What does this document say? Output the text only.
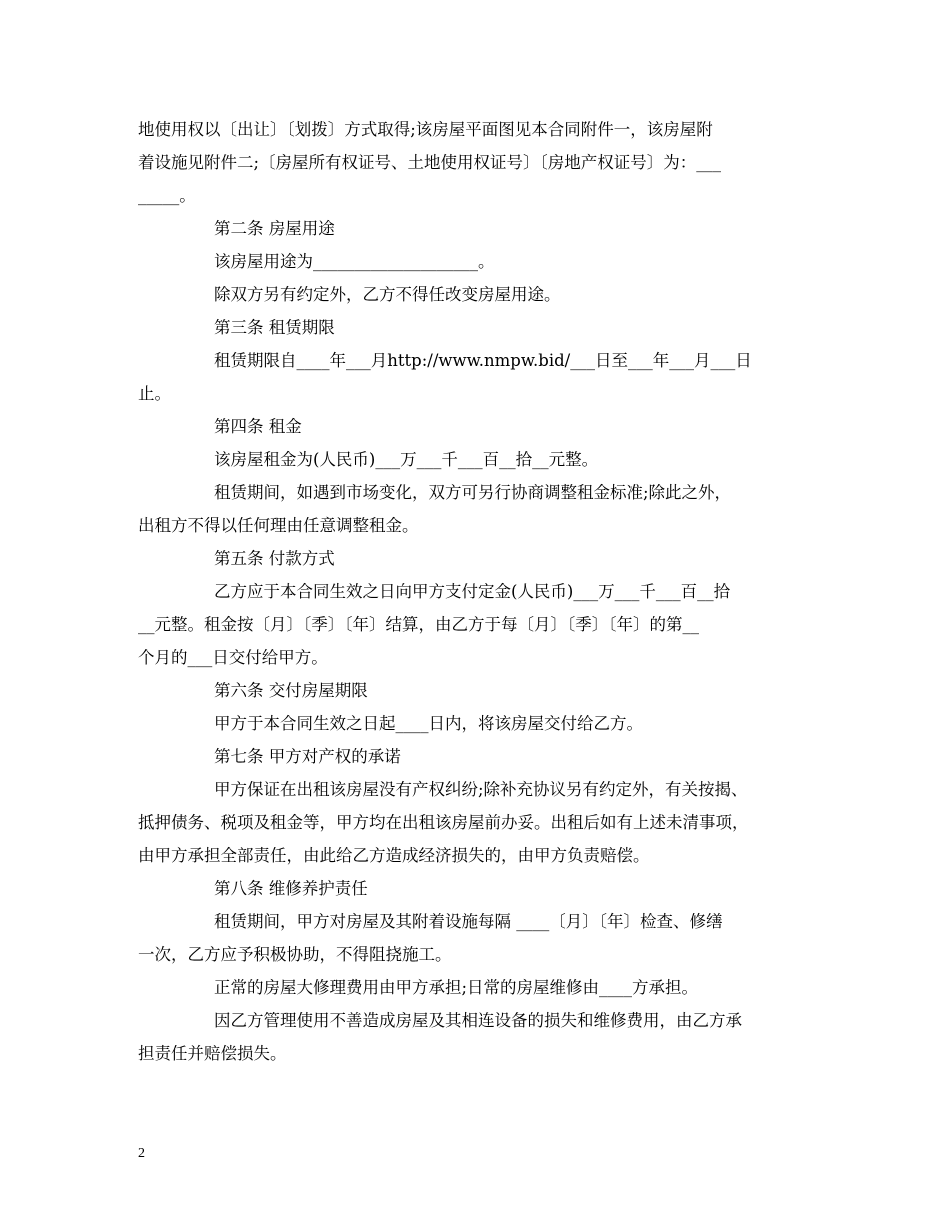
地使用权以〔出让〕〔划拨〕方式取得;该房屋平面图见本合同附件一，该房屋附
着设施见附件二;〔房屋所有权证号、土地使用权证号〕〔房地产权证号〕为：___
_____。
第二条 房屋用途
该房屋用途为____________________。
除双方另有约定外，乙方不得任改变房屋用途。
第三条 租赁期限
租赁期限自____年___月http://www.nmpw.bid/___日至___年___月___日
止。
第四条 租金
该房屋租金为(人民币)___万___千___百__拾__元整。
租赁期间，如遇到市场变化，双方可另行协商调整租金标准;除此之外，
出租方不得以任何理由任意调整租金。
第五条 付款方式
乙方应于本合同生效之日向甲方支付定金(人民币)___万___千___百__拾
__元整。租金按〔月〕〔季〕〔年〕结算，由乙方于每〔月〕〔季〕〔年〕的第__
个月的___日交付给甲方。
第六条 交付房屋期限
甲方于本合同生效之日起____日内，将该房屋交付给乙方。
第七条 甲方对产权的承诺
甲方保证在出租该房屋没有产权纠纷;除补充协议另有约定外，有关按揭、
抵押债务、税项及租金等，甲方均在出租该房屋前办妥。出租后如有上述未清事项，
由甲方承担全部责任，由此给乙方造成经济损失的，由甲方负责赔偿。
第八条 维修养护责任
租赁期间，甲方对房屋及其附着设施每隔 ____〔月〕〔年〕检查、修缮
一次，乙方应予积极协助，不得阻挠施工。
正常的房屋大修理费用由甲方承担;日常的房屋维修由____方承担。
因乙方管理使用不善造成房屋及其相连设备的损失和维修费用，由乙方承
担责任并赔偿损失。
2
